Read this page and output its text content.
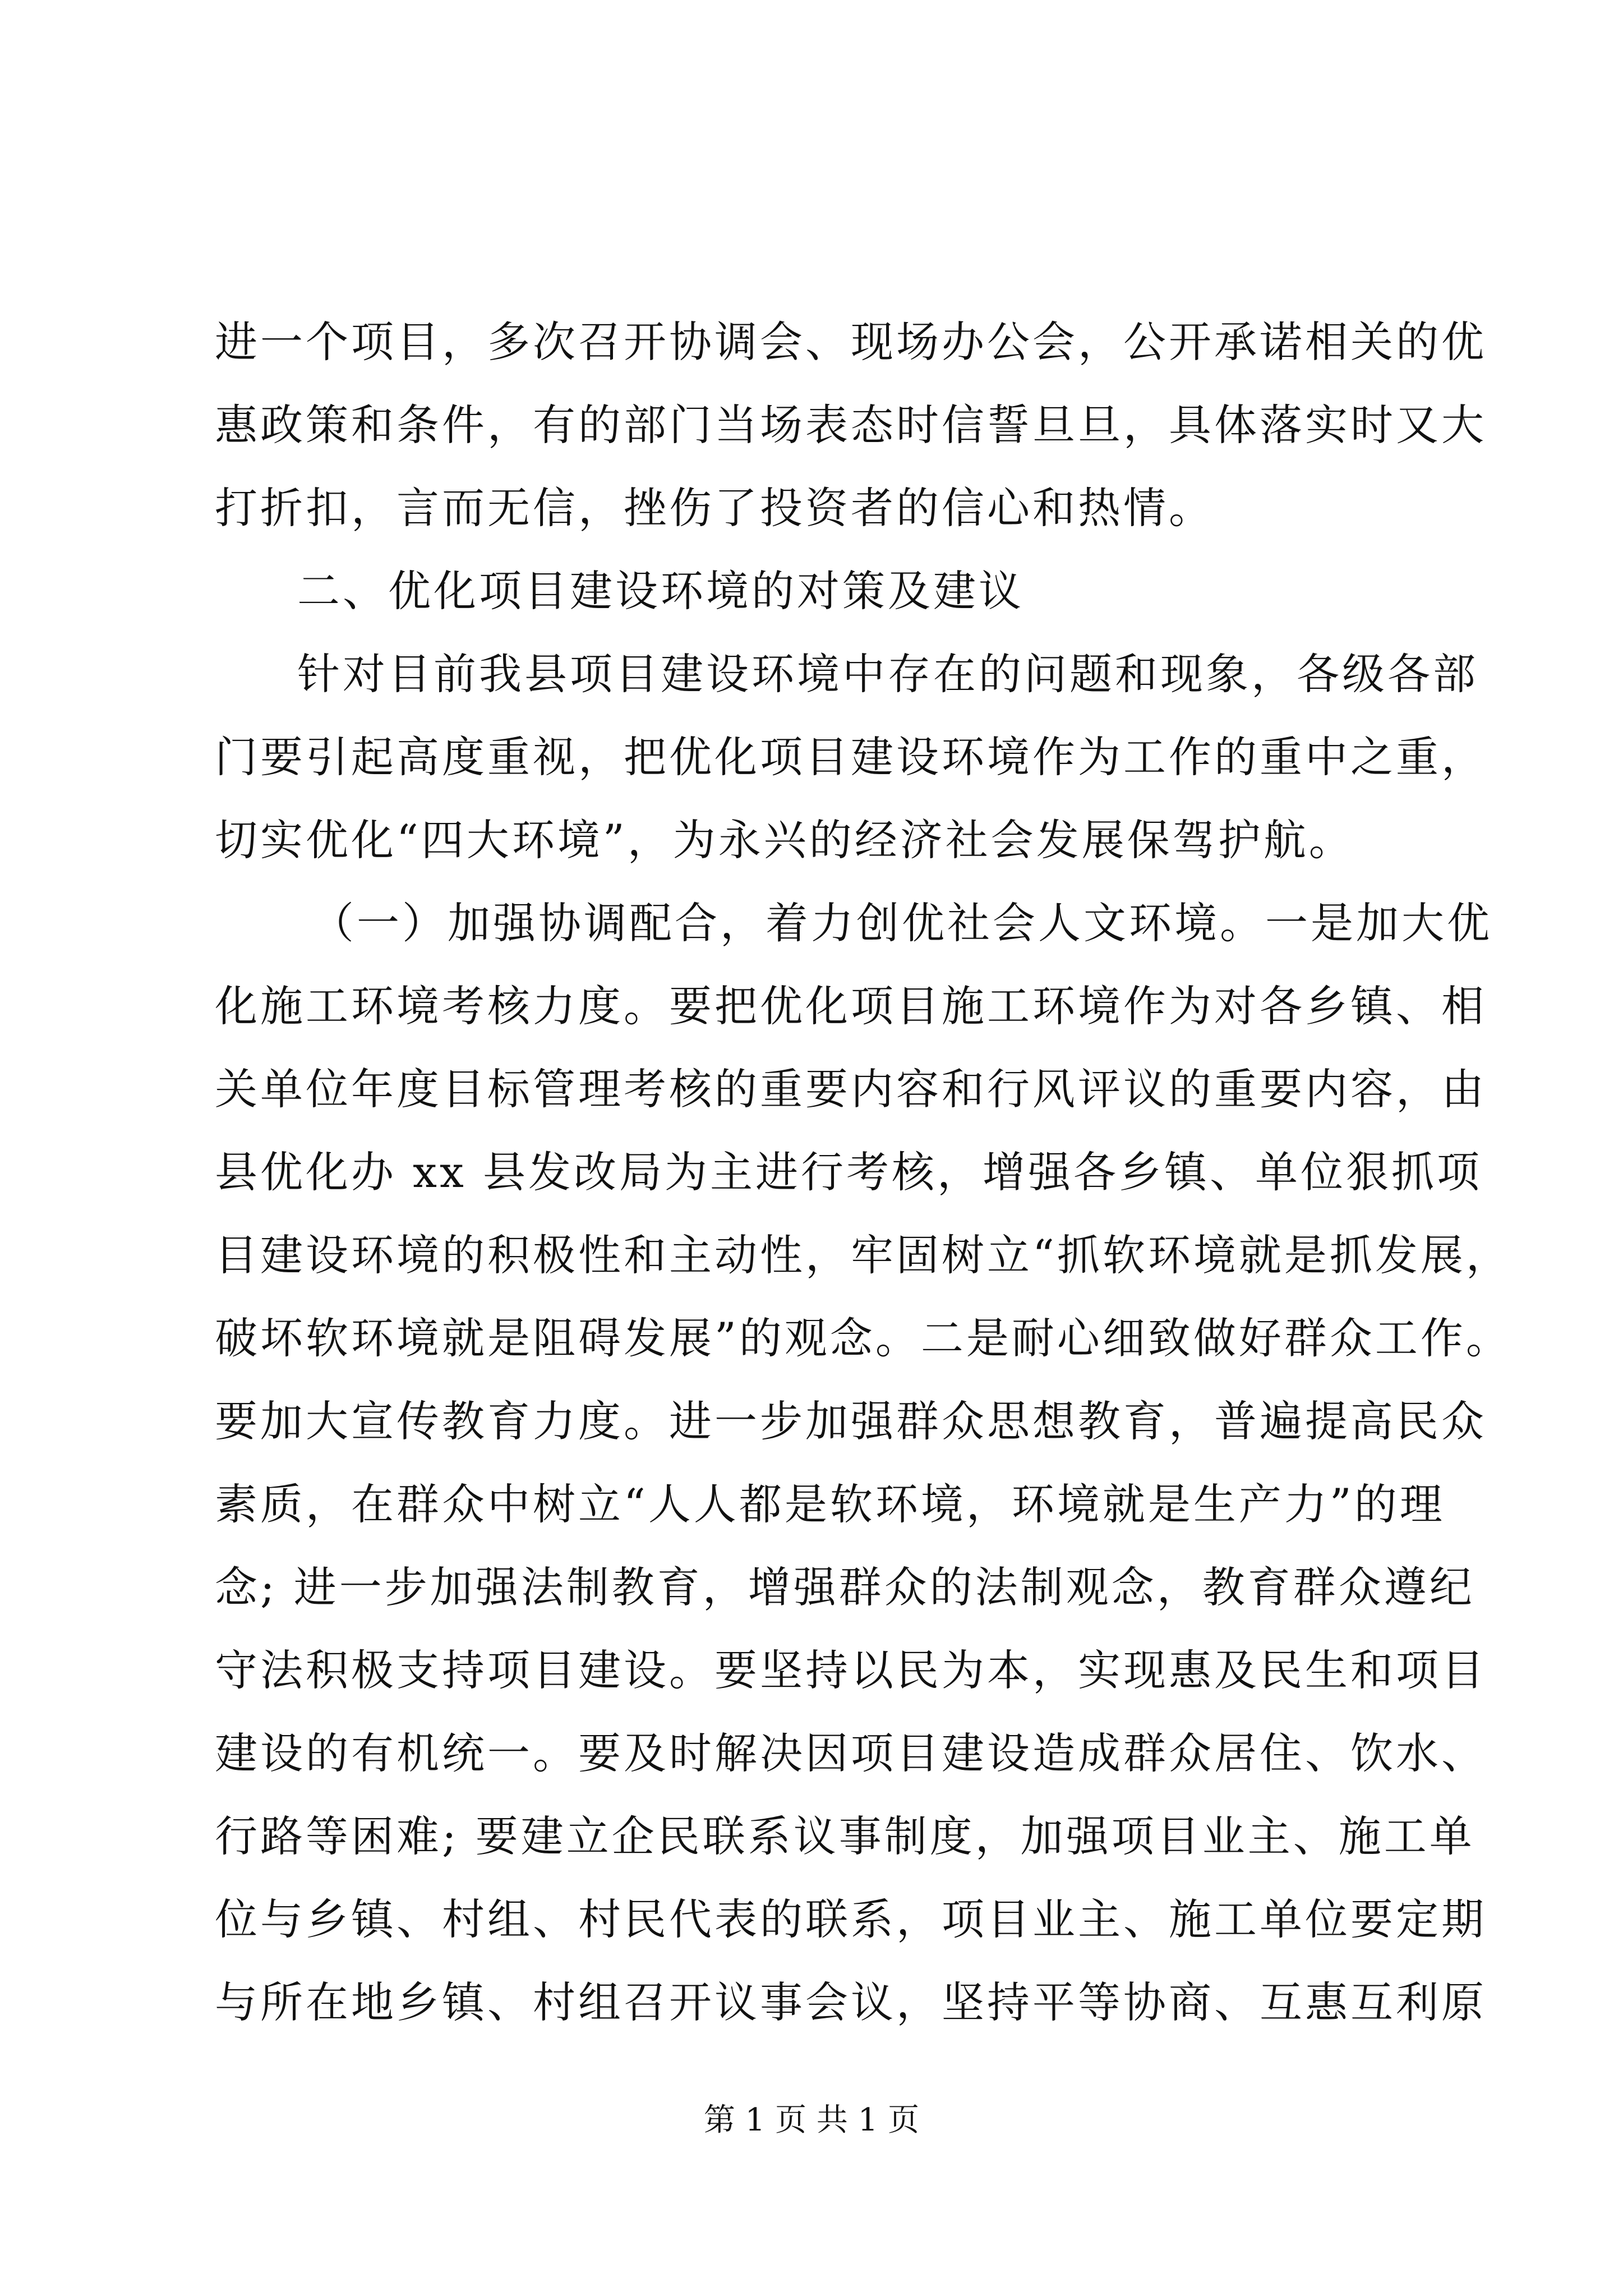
进一个项目，多次召开协调会、现场办公会，公开承诺相关的优
惠政策和条件，有的部门当场表态时信誓旦旦，具体落实时又大
打折扣，言而无信，挫伤了投资者的信心和热情。
二、优化项目建设环境的对策及建议
针对目前我县项目建设环境中存在的问题和现象，各级各部
门要引起高度重视，把优化项目建设环境作为工作的重中之重，
切实优化“四大环境”，为永兴的经济社会发展保驾护航。
（一）加强协调配合，着力创优社会人文环境。一是加大优
化施工环境考核力度。要把优化项目施工环境作为对各乡镇、相
关单位年度目标管理考核的重要内容和行风评议的重要内容，由
县优化办 xx 县发改局为主进行考核，增强各乡镇、单位狠抓项
目建设环境的积极性和主动性，牢固树立“抓软环境就是抓发展，
破坏软环境就是阻碍发展”的观念。二是耐心细致做好群众工作。
要加大宣传教育力度。进一步加强群众思想教育，普遍提高民众
素质，在群众中树立“人人都是软环境，环境就是生产力”的理
念; 进一步加强法制教育，增强群众的法制观念，教育群众遵纪
守法积极支持项目建设。要坚持以民为本，实现惠及民生和项目
建设的有机统一。要及时解决因项目建设造成群众居住、饮水、
行路等困难; 要建立企民联系议事制度，加强项目业主、施工单
位与乡镇、村组、村民代表的联系，项目业主、施工单位要定期
与所在地乡镇、村组召开议事会议，坚持平等协商、互惠互利原
第 1 页 共 1 页
